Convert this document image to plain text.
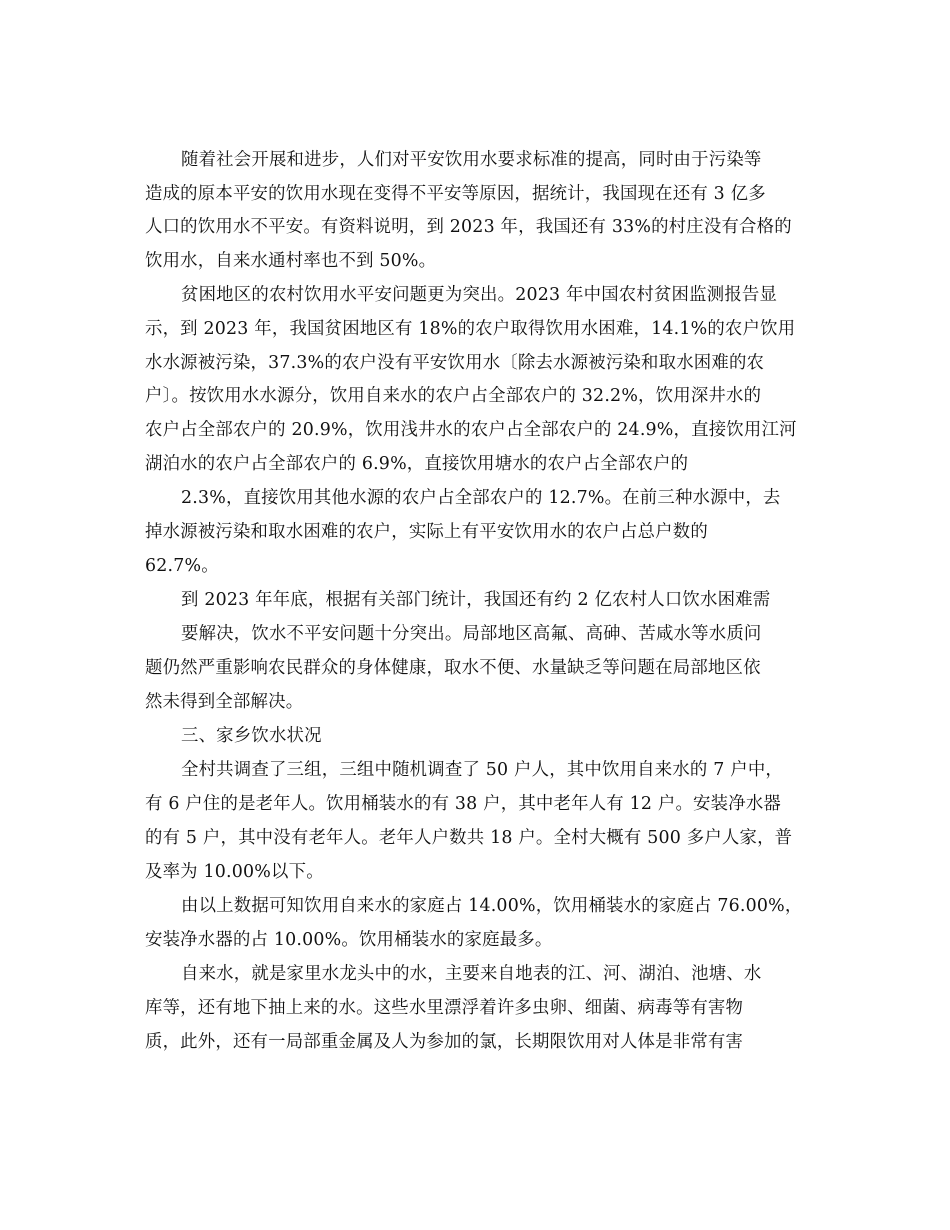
随着社会开展和进步，人们对平安饮用水要求标准的提高，同时由于污染等
造成的原本平安的饮用水现在变得不平安等原因，据统计，我国现在还有 3 亿多
人口的饮用水不平安。有资料说明，到 2023 年，我国还有 33%的村庄没有合格的
饮用水，自来水通村率也不到 50%。
贫困地区的农村饮用水平安问题更为突出。2023 年中国农村贫困监测报告显
示，到 2023 年，我国贫困地区有 18%的农户取得饮用水困难，14.1%的农户饮用
水水源被污染，37.3%的农户没有平安饮用水〔除去水源被污染和取水困难的农
户〕。按饮用水水源分，饮用自来水的农户占全部农户的 32.2%，饮用深井水的
农户占全部农户的 20.9%，饮用浅井水的农户占全部农户的 24.9%，直接饮用江河
湖泊水的农户占全部农户的 6.9%，直接饮用塘水的农户占全部农户的
2.3%，直接饮用其他水源的农户占全部农户的 12.7%。在前三种水源中，去
掉水源被污染和取水困难的农户，实际上有平安饮用水的农户占总户数的
62.7%。
到 2023 年年底，根据有关部门统计，我国还有约 2 亿农村人口饮水困难需
要解决，饮水不平安问题十分突出。局部地区高氟、高砷、苦咸水等水质问
题仍然严重影响农民群众的身体健康，取水不便、水量缺乏等问题在局部地区依
然未得到全部解决。
三、家乡饮水状况
全村共调查了三组，三组中随机调查了 50 户人，其中饮用自来水的 7 户中，
有 6 户住的是老年人。饮用桶装水的有 38 户，其中老年人有 12 户。安装净水器
的有 5 户，其中没有老年人。老年人户数共 18 户。全村大概有 500 多户人家，普
及率为 10.00%以下。
由以上数据可知饮用自来水的家庭占 14.00%，饮用桶装水的家庭占 76.00%，
安装净水器的占 10.00%。饮用桶装水的家庭最多。
自来水，就是家里水龙头中的水，主要来自地表的江、河、湖泊、池塘、水
库等，还有地下抽上来的水。这些水里漂浮着许多虫卵、细菌、病毒等有害物
质，此外，还有一局部重金属及人为参加的氯，长期限饮用对人体是非常有害
